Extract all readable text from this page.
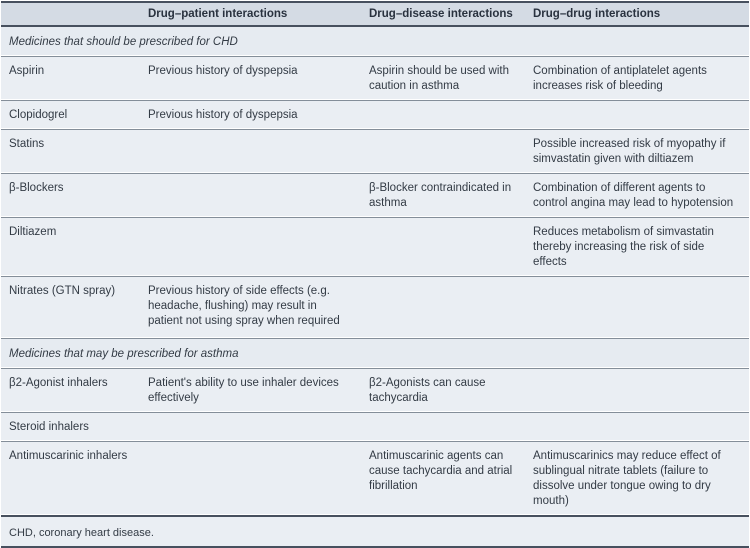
	Drug–patient interactions	Drug–disease interactions	Drug–drug interactions
Medicines that should be prescribed for CHD			
Aspirin	Previous history of dyspepsia	Aspirin should be used with caution in asthma	Combination of antiplatelet agents increases risk of bleeding
Clopidogrel	Previous history of dyspepsia		
Statins			Possible increased risk of myopathy if simvastatin given with diltiazem
β-Blockers		β-Blocker contraindicated in asthma	Combination of different agents to control angina may lead to hypotension
Diltiazem			Reduces metabolism of simvastatin thereby increasing the risk of side effects
Nitrates (GTN spray)	Previous history of side effects (e.g. headache, flushing) may result in patient not using spray when required		
Medicines that may be prescribed for asthma			
β2-Agonist inhalers	Patient's ability to use inhaler devices effectively	β2-Agonists can cause tachycardia	
Steroid inhalers			
Antimuscarinic inhalers		Antimuscarinic agents can cause tachycardia and atrial fibrillation	Antimuscarinics may reduce effect of sublingual nitrate tablets (failure to dissolve under tongue owing to dry mouth)
CHD, coronary heart disease.			
